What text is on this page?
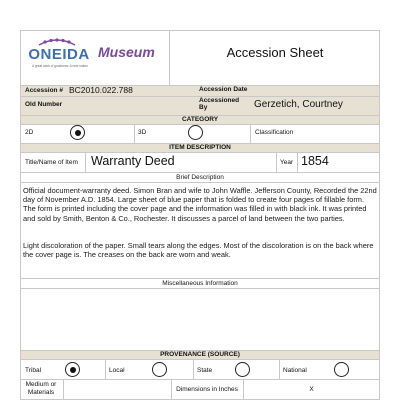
ONEIDA
A great work of goodness: A new nation
Museum	Accession Sheet
Accession # BC2010.022.788	Accession Date
Old Number
Accessioned By	Gerzetich, Courtney
CATEGORY
2D	3D	Classification
ITEM DESCRIPTION
Title/Name of Item Warranty Deed	Year 1854
Brief Description
Official document-warranty deed. Simon Bran and wife to John Waffle. Jefferson County, Recorded the 22nd day of November A.D. 1854. Large sheet of blue paper that is folded to create four pages of fillable form. The form is printed including the cover page and the information was filled in with black ink. It was printed and sold by Smith, Benton & Co., Rochester. It discusses a parcel of land between the two parties.
Light discoloration of the paper. Small tears along the edges. Most of the discoloration is on the back where the cover page is. The creases on the back are worn and weak.
Miscellaneous Information
PROVENANCE (SOURCE)
Tribal	Local	State	National
Medium or Materials	Dimensions in Inches	X
